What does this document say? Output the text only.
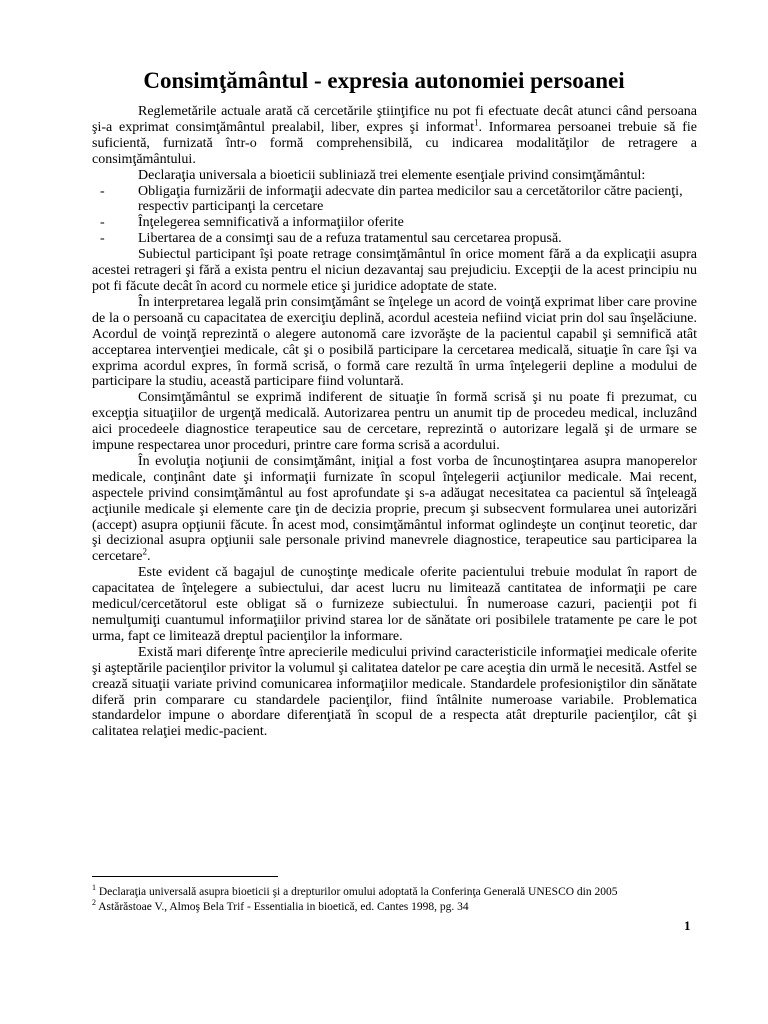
Consimţământul - expresia autonomiei persoanei

Reglemetările actuale arată că cercetările ştiinţifice nu pot fi efectuate decât atunci când persoana şi-a exprimat consimţământul prealabil, liber, expres şi informat$^1$. Informarea persoanei trebuie să fie suficientă, furnizată într-o formă comprehensibilă, cu indicarea modalităţilor de retragere a consimţământului.

Declaraţia universala a bioeticii subliniază trei elemente esenţiale privind consimţământul:

- Obligaţia furnizării de informaţii adecvate din partea medicilor sau a cercetătorilor către pacienţi, respectiv participanţi la cercetare
- Înţelegerea semnificativă a informaţiilor oferite
- Libertarea de a consimţi sau de a refuza tratamentul sau cercetarea propusă.

Subiectul participant îşi poate retrage consimţământul în orice moment fără a da explicaţii asupra acestei retrageri şi fără a exista pentru el niciun dezavantaj sau prejudiciu. Excepţii de la acest principiu nu pot fi făcute decât în acord cu normele etice şi juridice adoptate de state.

În interpretarea legală prin consimţământ se înţelege un acord de voinţă exprimat liber care provine de la o persoană cu capacitatea de exerciţiu deplină, acordul acesteia nefiind viciat prin dol sau înşelăciune. Acordul de voinţă reprezintă o alegere autonomă care izvorăşte de la pacientul capabil şi semnifică atât acceptarea intervenţiei medicale, cât şi o posibilă participare la cercetarea medicală, situaţie în care îşi va exprima acordul expres, în formă scrisă, o formă care rezultă în urma înţelegerii depline a modului de participare la studiu, această participare fiind voluntară.

Consimţământul se exprimă indiferent de situaţie în formă scrisă şi nu poate fi prezumat, cu excepţia situaţiilor de urgenţă medicală. Autorizarea pentru un anumit tip de procedeu medical, incluzând aici procedeele diagnostice terapeutice sau de cercetare, reprezintă o autorizare legală şi de urmare se impune respectarea unor proceduri, printre care forma scrisă a acordului.

În evoluţia noţiunii de consimţământ, iniţial a fost vorba de încunoştinţarea asupra manoperelor medicale, conţinânt date şi informaţii furnizate în scopul înţelegerii acţiunilor medicale. Mai recent, aspectele privind consimţământul au fost aprofundate şi s-a adăugat necesitatea ca pacientul să înţeleagă acţiunile medicale şi elemente care ţin de decizia proprie, precum şi subsecvent formularea unei autorizări (accept) asupra opţiunii făcute. În acest mod, consimţământul informat oglindeşte un conţinut teoretic, dar şi decizional asupra opţiunii sale personale privind manevrele diagnostice, terapeutice sau participarea la cercetare$^2$.

Este evident că bagajul de cunoştinţe medicale oferite pacientului trebuie modulat în raport de capacitatea de înţelegere a subiectului, dar acest lucru nu limitează cantitatea de informaţii pe care medicul/cercetătorul este obligat să o furnizeze subiectului. În numeroase cazuri, pacienţii pot fi nemulţumiţi cuantumul informaţiilor privind starea lor de sănătate ori posibilele tratamente pe care le pot urma, fapt ce limitează dreptul pacienţilor la informare.

Există mari diferenţe între aprecierile medicului privind caracteristicile informaţiei medicale oferite şi aşteptările pacienţilor privitor la volumul şi calitatea datelor pe care aceştia din urmă le necesită. Astfel se crează situaţii variate privind comunicarea informaţiilor medicale. Standardele profesioniştilor din sănătate diferă prin comparare cu standardele pacienţilor, fiind întâlnite numeroase variabile. Problematica standardelor impune o abordare diferenţiată în scopul de a respecta atât drepturile pacienţilor, cât şi calitatea relaţiei medic-pacient.

$^1$ Declaraţia universală asupra bioeticii şi a drepturilor omului adoptată la Conferinţa Generală UNESCO din 2005
$^2$ Astărăstoae V., Almoş Bela Trif - Essentialia in bioetică, ed. Cantes 1998, pg. 34
1
